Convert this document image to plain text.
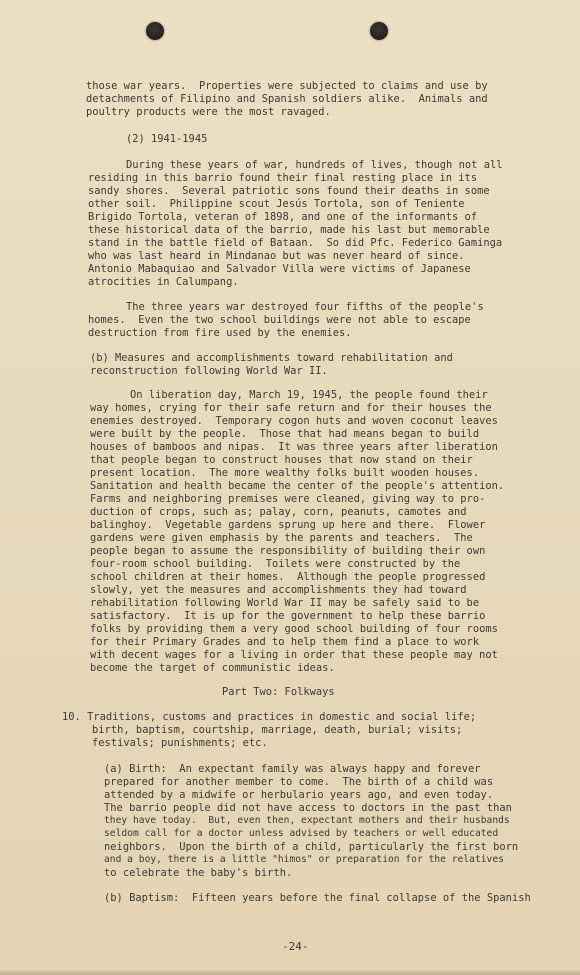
those war years.  Properties were subjected to claims and use by
detachments of Filipino and Spanish soldiers alike.  Animals and
poultry products were the most ravaged.
(2) 1941-1945
During these years of war, hundreds of lives, though not all
residing in this barrio found their final resting place in its
sandy shores.  Several patriotic sons found their deaths in some
other soil.  Philippine scout Jesús Tortola, son of Teniente
Brigido Tortola, veteran of 1898, and one of the informants of
these historical data of the barrio, made his last but memorable
stand in the battle field of Bataan.  So did Pfc. Federico Gaminga
who was last heard in Mindanao but was never heard of since.
Antonio Mabaquiao and Salvador Villa were victims of Japanese
atrocities in Calumpang.
The three years war destroyed four fifths of the people's
homes.  Even the two school buildings were not able to escape
destruction from fire used by the enemies.
(b) Measures and accomplishments toward rehabilitation and
reconstruction following World War II.
On liberation day, March 19, 1945, the people found their
way homes, crying for their safe return and for their houses the
enemies destroyed.  Temporary cogon huts and woven coconut leaves
were built by the people.  Those that had means began to build
houses of bamboos and nipas.  It was three years after liberation
that people began to construct houses that now stand on their
present location.  The more wealthy folks built wooden houses.
Sanitation and health became the center of the people's attention.
Farms and neighboring premises were cleaned, giving way to pro-
duction of crops, such as; palay, corn, peanuts, camotes and
balinghoy.  Vegetable gardens sprung up here and there.  Flower
gardens were given emphasis by the parents and teachers.  The
people began to assume the responsibility of building their own
four-room school building.  Toilets were constructed by the
school children at their homes.  Although the people progressed
slowly, yet the measures and accomplishments they had toward
rehabilitation following World War II may be safely said to be
satisfactory.  It is up for the government to help these barrio
folks by providing them a very good school building of four rooms
for their Primary Grades and to help them find a place to work
with decent wages for a living in order that these people may not
become the target of communistic ideas.
Part Two: Folkways
10. Traditions, customs and practices in domestic and social life;
birth, baptism, courtship, marriage, death, burial; visits;
festivals; punishments; etc.
(a) Birth:  An expectant family was always happy and forever
prepared for another member to come.  The birth of a child was
attended by a midwife or herbulario years ago, and even today.
The barrio people did not have access to doctors in the past than
they have today.  But, even then, expectant mothers and their husbands
seldom call for a doctor unless advised by teachers or well educated
neighbors.  Upon the birth of a child, particularly the first born
and a boy, there is a little "himos" or preparation for the relatives
to celebrate the baby's birth.
(b) Baptism:  Fifteen years before the final collapse of the Spanish
-24-
